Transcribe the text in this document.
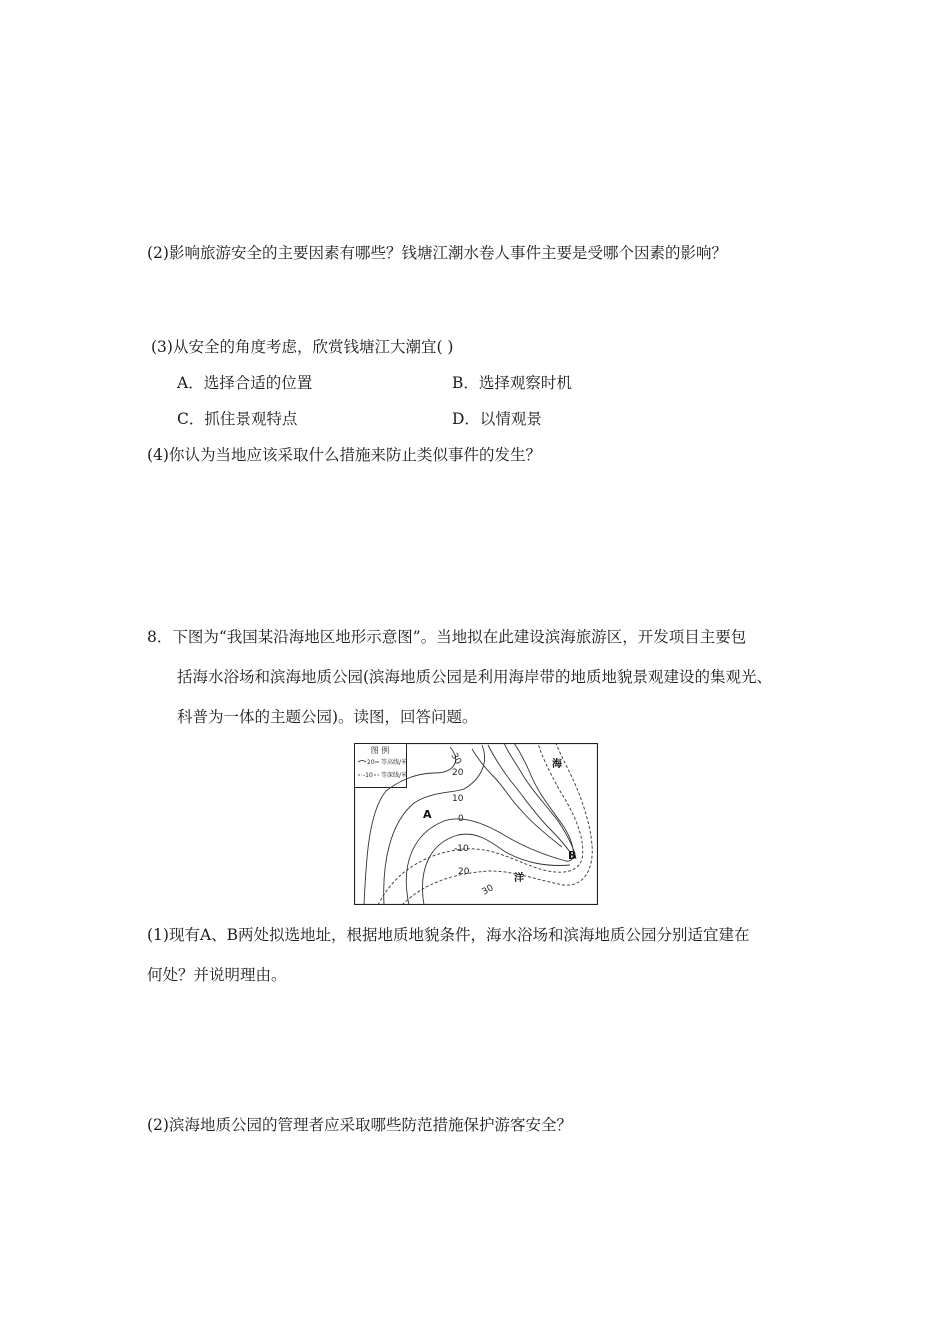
(2)影响旅游安全的主要因素有哪些？钱塘江潮水卷人事件主要是受哪个因素的影响？
(3)从安全的角度考虑，欣赏钱塘江大潮宜( )
A．选择合适的位置	B．选择观察时机
C．抓住景观特点	D．以情观景
(4)你认为当地应该采取什么措施来防止类似事件的发生？
8．下图为“我国某沿海地区地形示意图”。当地拟在此建设滨海旅游区，开发项目主要包
括海水浴场和滨海地质公园(滨海地质公园是利用海岸带的地质地貌景观建设的集观光、
科普为一体的主题公园)。读图，回答问题。
图 例
20 等高线/米
-10 等深线/米
30
20
10
0
-10
20
30
A
B
海
洋
(1)现有A、B两处拟选地址，根据地质地貌条件，海水浴场和滨海地质公园分别适宜建在
何处？并说明理由。
(2)滨海地质公园的管理者应采取哪些防范措施保护游客安全？
